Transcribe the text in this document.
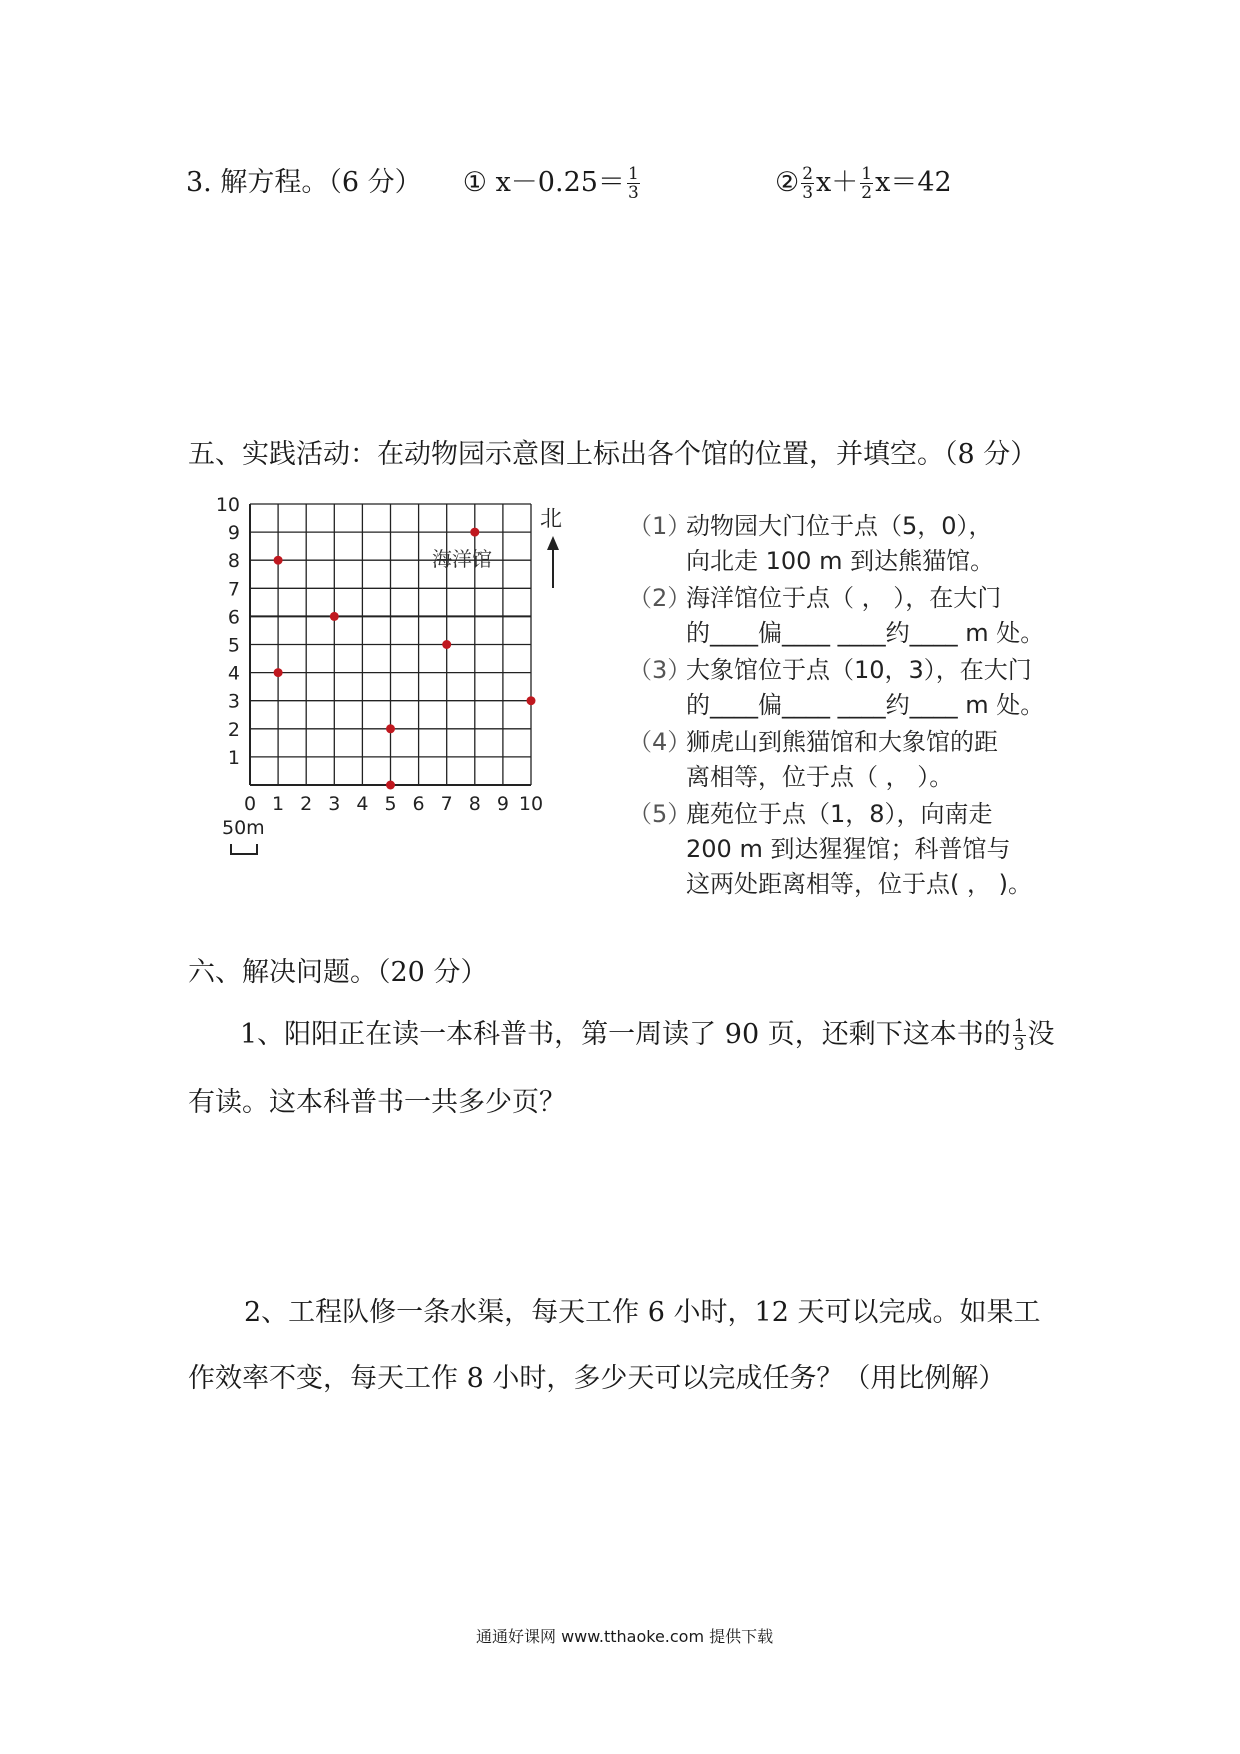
3. 解方程。（6 分） ① $x-0.25= \frac{1}{3}$	② $\frac{2}{3} x+ \frac{1}{2} x=42$
五、实践活动：在动物园示意图上标出各个馆的位置，并填空。（8 分）
1
2
3
4
5
6
7
8
9
10
0 1 2 3 4 5 6 7 8 9 10
海洋馆
北
50m
（1）
动物园大门位于点（5，0），
向北走 100 m 到达熊猫馆。
（2）
海洋馆位于点（ ， ），在大门
的____偏____ ____约____ m 处。
（3）
大象馆位于点（10，3），在大门
的____偏____ ____约____ m 处。
（4）
狮虎山到熊猫馆和大象馆的距
离相等，位于点（ ， ）。
（5）
鹿苑位于点（1，8），向南走
200 m 到达猩猩馆；科普馆与
这两处距离相等，位于点( ， )。
六、解决问题。（20 分）
1、阳阳正在读一本科普书，第一周读了 90 页，还剩下这本书的 $\frac{1}{3}$ 没
有读。这本科普书一共多少页？
2、工程队修一条水渠，每天工作 6 小时，12 天可以完成。如果工
作效率不变，每天工作 8 小时，多少天可以完成任务？（用比例解）
通通好课网 www.tthaoke.com 提供下载
